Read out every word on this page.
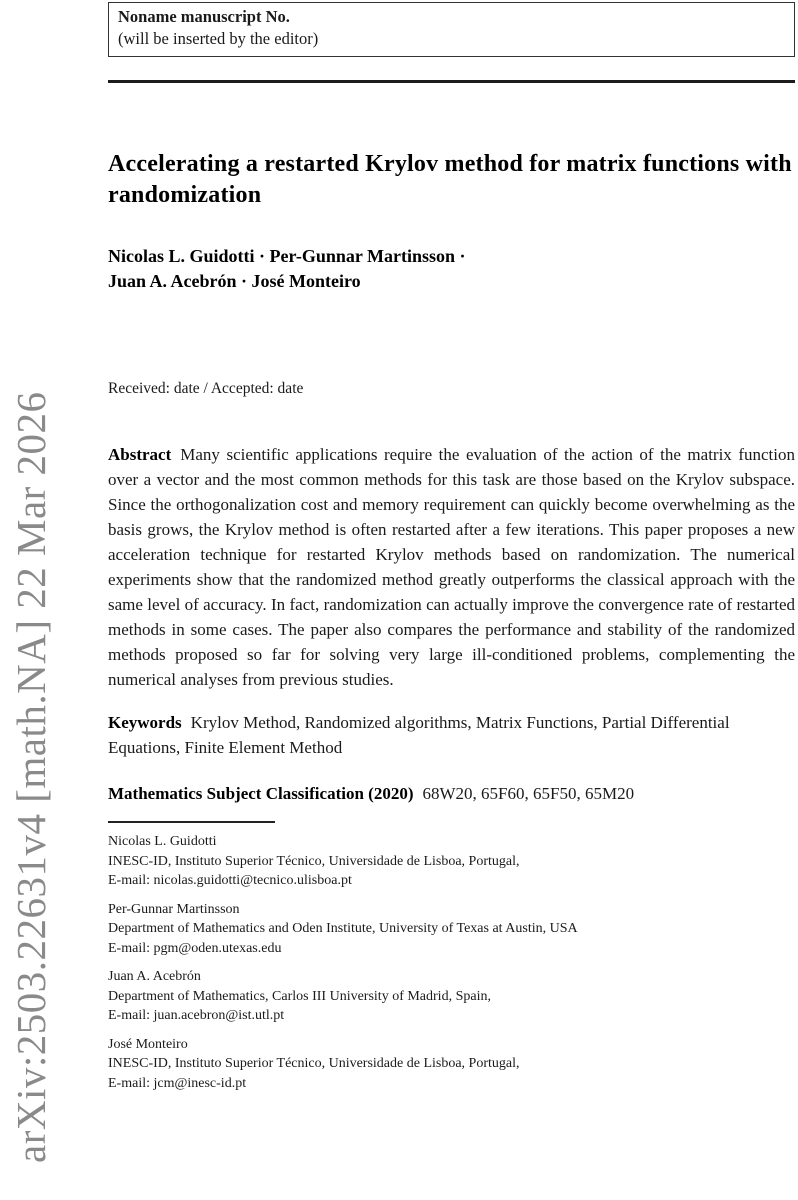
arXiv:2503.22631v4 [math.NA] 22 Mar 2026
Noname manuscript No.
(will be inserted by the editor)
Accelerating a restarted Krylov method for matrix functions with randomization
Nicolas L. Guidotti · Per-Gunnar Martinsson · Juan A. Acebrón · José Monteiro
Received: date / Accepted: date

Abstract Many scientific applications require the evaluation of the action of the matrix function over a vector and the most common methods for this task are those based on the Krylov subspace. Since the orthogonalization cost and memory requirement can quickly become overwhelming as the basis grows, the Krylov method is often restarted after a few iterations. This paper proposes a new acceleration technique for restarted Krylov methods based on randomization. The numerical experiments show that the randomized method greatly outperforms the classical approach with the same level of accuracy. In fact, randomization can actually improve the convergence rate of restarted methods in some cases. The paper also compares the performance and stability of the randomized methods proposed so far for solving very large ill-conditioned problems, complementing the numerical analyses from previous studies.

Keywords Krylov Method, Randomized algorithms, Matrix Functions, Partial Differential Equations, Finite Element Method

Mathematics Subject Classification (2020) 68W20, 65F60, 65F50, 65M20

Nicolas L. Guidotti
INESC-ID, Instituto Superior Técnico, Universidade de Lisboa, Portugal,
E-mail: nicolas.guidotti@tecnico.ulisboa.pt
Per-Gunnar Martinsson
Department of Mathematics and Oden Institute, University of Texas at Austin, USA
E-mail: pgm@oden.utexas.edu
Juan A. Acebrón
Department of Mathematics, Carlos III University of Madrid, Spain,
E-mail: juan.acebron@ist.utl.pt
José Monteiro
INESC-ID, Instituto Superior Técnico, Universidade de Lisboa, Portugal,
E-mail: jcm@inesc-id.pt
